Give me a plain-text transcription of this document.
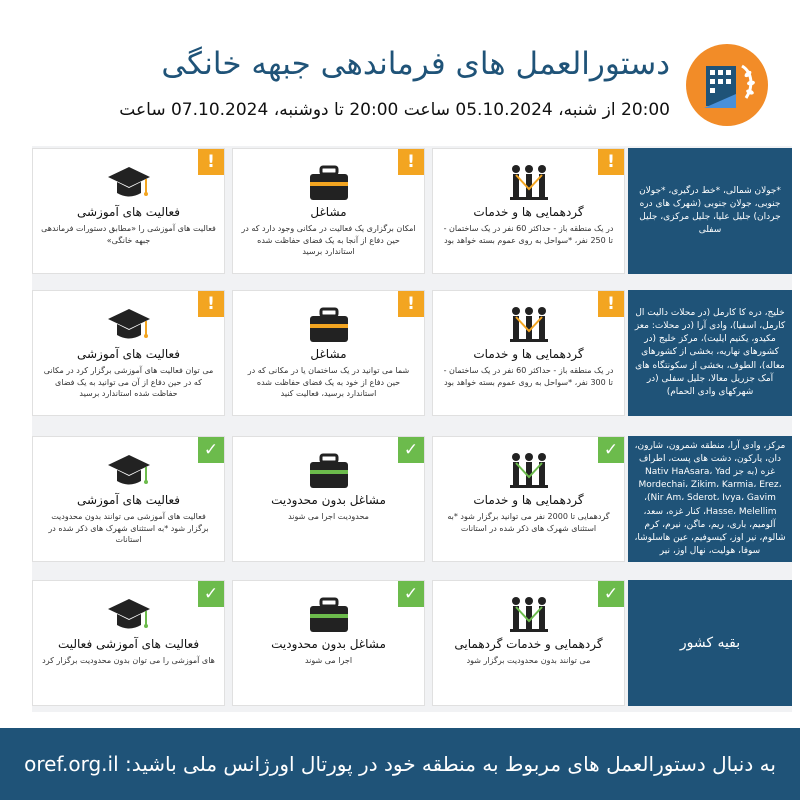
دستورالعمل های فرماندهی جبهه خانگی
20:00 از شنبه، 05.10.2024 ساعت 20:00 تا دوشنبه، 07.10.2024 ساعت
*جولان شمالی، *خط درگیری، *جولان جنوبی، جولان جنوبی (شهرک های دره جردان) جلیل علیا، جلیل مرکزی، جلیل سفلی
!
گردهمایی ها و خدمات
در یک منطقه باز - حداکثر 60 نفر در یک ساختمان - تا 250 نفر، *سواحل به روی عموم بسته خواهد بود
!
مشاغل
امکان برگزاری یک فعالیت در مکانی وجود دارد که در حین دفاع از آنجا به یک فضای حفاظت شده استاندارد برسید
!
فعالیت های آموزشی
فعالیت های آموزشی را «مطابق دستورات فرماندهی جبهه خانگی»
خلیج، دره کا کارمل (در محلات دالیت ال کارمل، اسفیا)، وادی آرا (در محلات: معز مکیدو، یکنیم ایلیت)، مرکز خلیج (در کشورهای نهاریه، بخشی از کشورهای معاله)، الطوف، بخشی از سکونتگاه های آمک جزریل معالا، جلیل سفلی (در شهرکهای وادی الحمام)
!
گردهمایی ها و خدمات
در یک منطقه باز - حداکثر 60 نفر در یک ساختمان - تا 300 نفر، *سواحل به روی عموم بسته خواهد بود
!
مشاغل
شما می توانید در یک ساختمان یا در مکانی که در حین دفاع از خود به یک فضای حفاظت شده استاندارد برسید، فعالیت کنید
!
فعالیت های آموزشی
می توان فعالیت های آموزشی برگزار کرد در مکانی که در حین دفاع از آن می توانید به یک فضای حفاظت شده استاندارد برسید
مرکز، وادی آرا، منطقه شمرون، شارون، دان، یارکون، دشت های پست، اطراف غزه (به جز Nativ HaAsara، Yad Mordechai، Zikim، Karmia، Erez، Nir Am، Sderot، Ivya، Gavim)، Hasse، Melellim، کنار غزه، سعد، آلومیم، باری، ریم، ماگن، نیرم، کرم شالوم، نیر اوز، کیسوفیم، عین هاسلوشا، سوفا، هولیت، نهال اوز، نیر
✓
گردهمایی ها و خدمات
گردهمایی تا 2000 نفر می توانید برگزار شود *به استثنای شهرک های ذکر شده در استانات
✓
مشاغل بدون محدودیت
محدودیت اجرا می شوند
✓
فعالیت های آموزشی
فعالیت های آموزشی می توانند بدون محدودیت برگزار شود *به استثنای شهرک های ذکر شده در استانات
بقیه کشور
✓
گردهمایی و خدمات گردهمایی
می توانند بدون محدودیت برگزار شود
✓
مشاغل بدون محدودیت
اجرا می شوند
✓
فعالیت های آموزشی فعالیت
های آموزشی را می توان بدون محدودیت برگزار کرد
به دنبال دستورالعمل های مربوط به منطقه خود در پورتال اورژانس ملی باشید: oref.org.il
